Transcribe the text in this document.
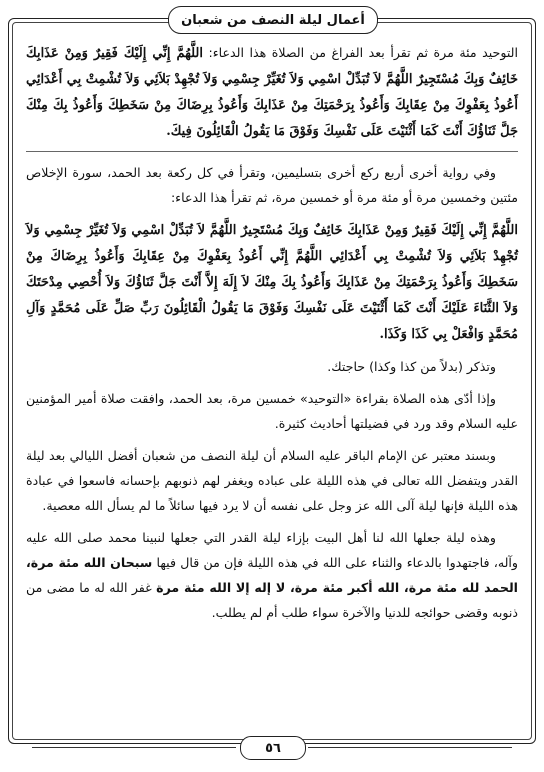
أعمال ليلة النصف من شعبان

التوحيد مئة مرة ثم تقرأ بعد الفراغ من الصلاة هذا الدعاء: اللَّهُمَّ إِنِّي إِلَيْكَ فَقِيرٌ وَمِنْ عَذَابِكَ خَائِفٌ وَبِكَ مُسْتَجِيرٌ اللَّهُمَّ لاَ تُبَدِّلْ اسْمِي وَلاَ تُغَيِّرْ جِسْمِي وَلاَ تُجْهِدْ بَلاَئِي وَلاَ تُشْمِتْ بِي أَعْدَائِي أَعُوذُ بِعَفْوِكَ مِنْ عِقَابِكَ وَأَعُوذُ بِرَحْمَتِكَ مِنْ عَذَابِكَ وَأَعُوذُ بِرِضَاكَ مِنْ سَخَطِكَ وَأَعُوذُ بِكَ مِنْكَ جَلَّ ثَنَاؤُكَ أَنْتَ كَمَا أَثْنَيْتَ عَلَى نَفْسِكَ وَفَوْقَ مَا يَقُولُ الْقَائِلُونَ فِيكَ.

وفي رواية أخرى أربع ركع أخرى بتسليمين، وتقرأ في كل ركعة بعد الحمد، سورة الإخلاص مئتين وخمسين مرة أو مئة مرة أو خمسين مرة، ثم تقرأ هذا الدعاء:

اللَّهُمَّ إِنِّي إِلَيْكَ فَقِيرٌ وَمِنْ عَذَابِكَ خَائِفٌ وَبِكَ مُسْتَجِيرٌ اللَّهُمَّ لاَ تُبَدِّلْ اسْمِي وَلاَ تُغَيِّرْ جِسْمِي وَلاَ تُجْهِدْ بَلاَئِي وَلاَ تُشْمِتْ بِي أَعْدَائِي اللَّهُمَّ إِنِّي أَعُوذُ بِعَفْوِكَ مِنْ عِقَابِكَ وَأَعُوذُ بِرِضَاكَ مِنْ سَخَطِكَ وَأَعُوذُ بِرَحْمَتِكَ مِنْ عَذَابِكَ وَأَعُوذُ بِكَ مِنْكَ لاَ إِلَهَ إِلاَّ أَنْتَ جَلَّ ثَنَاؤُكَ وَلاَ أُحْصِي مِدْحَتَكَ وَلاَ الثَّنَاءَ عَلَيْكَ أَنْتَ كَمَا أَثْنَيْتَ عَلَى نَفْسِكَ وَفَوْقَ مَا يَقُولُ الْقَائِلُونَ رَبِّ صَلِّ عَلَى مُحَمَّدٍ وَآلِ مُحَمَّدٍ وَافْعَلْ بِي كَذَا وَكَذَا.

وتذكر (بدلاً من كذا وكذا) حاجتك.

وإذا أدّى هذه الصلاة بقراءة «التوحيد» خمسين مرة، بعد الحمد، وافقت صلاة أمير المؤمنين عليه السلام وقد ورد في فضيلتها أحاديث كثيرة.

وبسند معتبر عن الإمام الباقر عليه السلام أن ليلة النصف من شعبان أفضل الليالي بعد ليلة القدر ويتفضل الله تعالى في هذه الليلة على عباده ويغفر لهم ذنوبهم بإحسانه فاسعوا في عبادة هذه الليلة فإنها ليلة آلى الله عز وجل على نفسه أن لا يرد فيها سائلاً ما لم يسأل الله معصية.

وهذه ليلة جعلها الله لنا أهل البيت بإزاء ليلة القدر التي جعلها لنبينا محمد صلى الله عليه وآله، فاجتهدوا بالدعاء والثناء على الله في هذه الليلة فإن من قال فيها سبحان الله مئة مرة، الحمد لله مئة مرة، الله أكبر مئة مرة، لا إله إلا الله مئة مرة غفر الله له ما مضى من ذنوبه وقضى حوائجه للدنيا والآخرة سواء طلب أم لم يطلب.

٥٦
